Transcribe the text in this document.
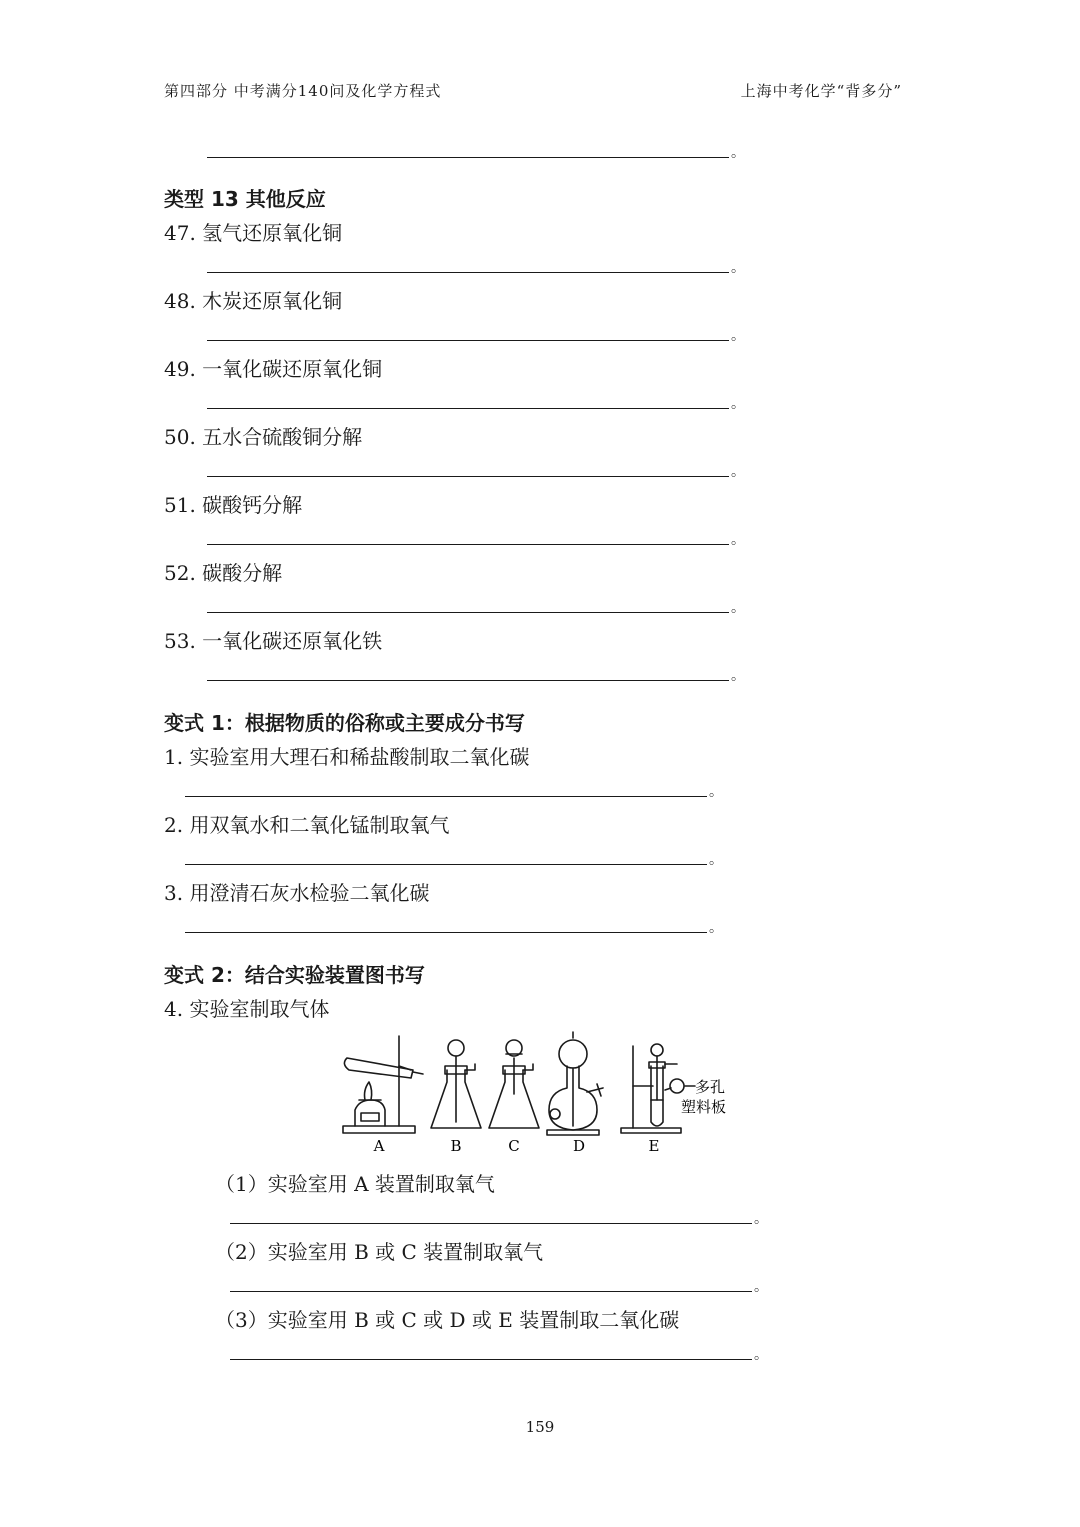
第四部分 中考满分140问及化学方程式	上海中考化学“背多分”
。
类型 13 其他反应
47. 氢气还原氧化铜
。
48. 木炭还原氧化铜
。
49. 一氧化碳还原氧化铜
。
50. 五水合硫酸铜分解
。
51. 碳酸钙分解
。
52. 碳酸分解
。
53. 一氧化碳还原氧化铁
。
变式 1：根据物质的俗称或主要成分书写
1. 实验室用大理石和稀盐酸制取二氧化碳
。
2. 用双氧水和二氧化锰制取氧气
。
3. 用澄清石灰水检验二氧化碳
。
变式 2：结合实验装置图书写
4. 实验室制取气体
A	B	C	D	E
多孔
塑料板
（1）实验室用 A 装置制取氧气
。
（2）实验室用 B 或 C 装置制取氧气
。
（3）实验室用 B 或 C 或 D 或 E 装置制取二氧化碳
。
159
